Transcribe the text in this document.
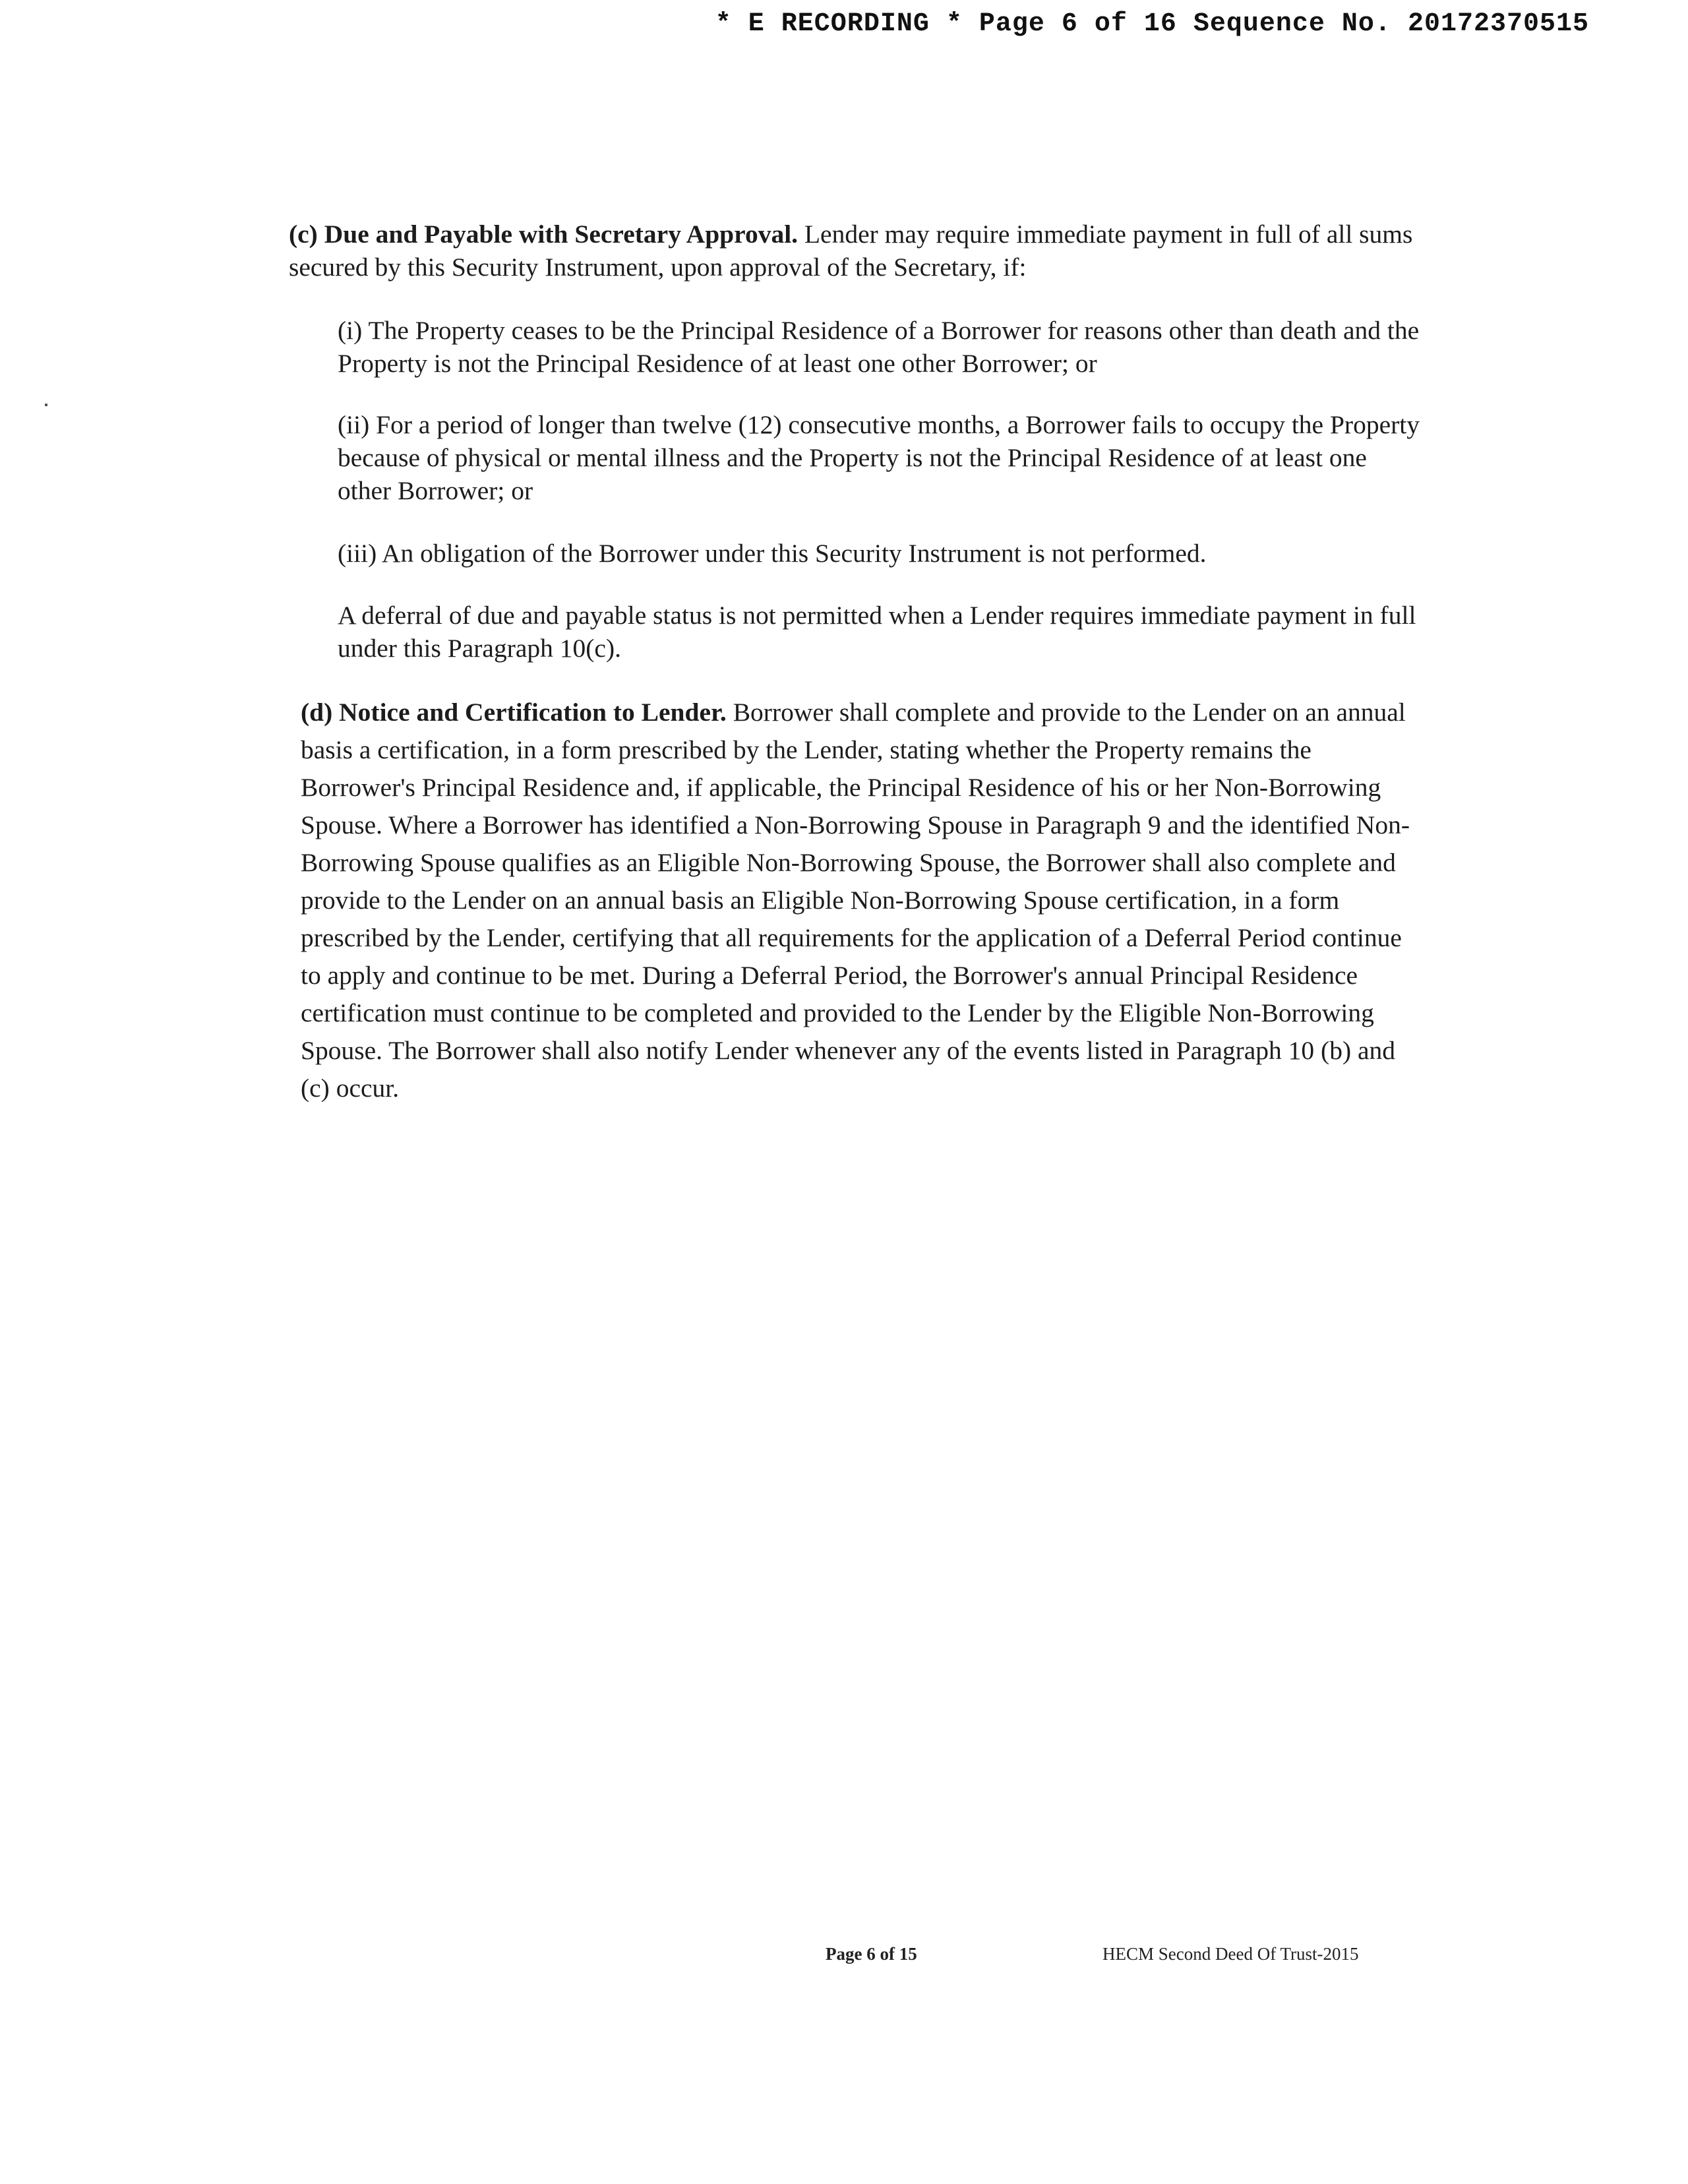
* E RECORDING * Page 6 of 16 Sequence No. 20172370515

(c) Due and Payable with Secretary Approval. Lender may require immediate payment in full of all sums secured by this Security Instrument, upon approval of the Secretary, if:

(i) The Property ceases to be the Principal Residence of a Borrower for reasons other than death and the Property is not the Principal Residence of at least one other Borrower; or

(ii) For a period of longer than twelve (12) consecutive months, a Borrower fails to occupy the Property because of physical or mental illness and the Property is not the Principal Residence of at least one other Borrower; or

(iii) An obligation of the Borrower under this Security Instrument is not performed.

A deferral of due and payable status is not permitted when a Lender requires immediate payment in full under this Paragraph 10(c).

(d) Notice and Certification to Lender. Borrower shall complete and provide to the Lender on an annual basis a certification, in a form prescribed by the Lender, stating whether the Property remains the Borrower's Principal Residence and, if applicable, the Principal Residence of his or her Non-Borrowing Spouse. Where a Borrower has identified a Non-Borrowing Spouse in Paragraph 9 and the identified Non-Borrowing Spouse qualifies as an Eligible Non-Borrowing Spouse, the Borrower shall also complete and provide to the Lender on an annual basis an Eligible Non-Borrowing Spouse certification, in a form prescribed by the Lender, certifying that all requirements for the application of a Deferral Period continue to apply and continue to be met. During a Deferral Period, the Borrower's annual Principal Residence certification must continue to be completed and provided to the Lender by the Eligible Non-Borrowing Spouse. The Borrower shall also notify Lender whenever any of the events listed in Paragraph 10 (b) and (c) occur.

Page 6 of 15	HECM Second Deed Of Trust-2015
